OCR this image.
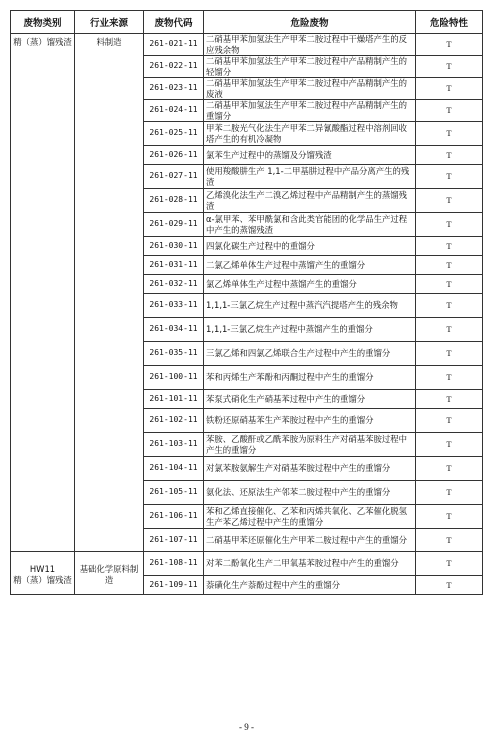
废物类别	行业来源	废物代码	危险废物	危险特性
精（蒸）馏残渣	料制造	261-021-11	二硝基甲苯加氢法生产甲苯二胺过程中干燥塔产生的反应残余物	T
		261-022-11	二硝基甲苯加氢法生产甲苯二胺过程中产品精制产生的轻馏分	T
		261-023-11	二硝基甲苯加氢法生产甲苯二胺过程中产品精制产生的废液	T
		261-024-11	二硝基甲苯加氢法生产甲苯二胺过程中产品精制产生的重馏分	T
		261-025-11	甲苯二胺光气化法生产甲苯二异氰酸酯过程中溶剂回收塔产生的有机冷凝物	T
		261-026-11	氯苯生产过程中的蒸馏及分馏残渣	T
		261-027-11	使用羧酸肼生产 1,1-二甲基肼过程中产品分离产生的残渣	T
		261-028-11	乙烯溴化法生产二溴乙烯过程中产品精制产生的蒸馏残渣	T
		261-029-11	α-氯甲苯、苯甲酰氯和含此类官能团的化学品生产过程中产生的蒸馏残渣	T
		261-030-11	四氯化碳生产过程中的重馏分	T
		261-031-11	二氯乙烯单体生产过程中蒸馏产生的重馏分	T
		261-032-11	氯乙烯单体生产过程中蒸馏产生的重馏分	T
		261-033-11	1,1,1-三氯乙烷生产过程中蒸汽汽提塔产生的残余物	T
		261-034-11	1,1,1-三氯乙烷生产过程中蒸馏产生的重馏分	T
		261-035-11	三氯乙烯和四氯乙烯联合生产过程中产生的重馏分	T
		261-100-11	苯和丙烯生产苯酚和丙酮过程中产生的重馏分	T
		261-101-11	苯泵式硝化生产硝基苯过程中产生的重馏分	T
		261-102-11	铁粉还原硝基苯生产苯胺过程中产生的重馏分	T
		261-103-11	苯胺、乙酸酐或乙酰苯胺为原料生产对硝基苯胺过程中产生的重馏分	T
		261-104-11	对氯苯胺氨解生产对硝基苯胺过程中产生的重馏分	T
		261-105-11	氨化法、还原法生产邻苯二胺过程中产生的重馏分	T
		261-106-11	苯和乙烯直接催化、乙苯和丙烯共氧化、乙苯催化脱氢生产苯乙烯过程中产生的重馏分	T
		261-107-11	二硝基甲苯还原催化生产甲苯二胺过程中产生的重馏分	T

HW11
精（蒸）馏残渣	基础化学原料制造	261-108-11	对苯二酚氧化生产二甲氧基苯胺过程中产生的重馏分	T
		261-109-11	萘磺化生产萘酚过程中产生的重馏分	T
- 9 -
